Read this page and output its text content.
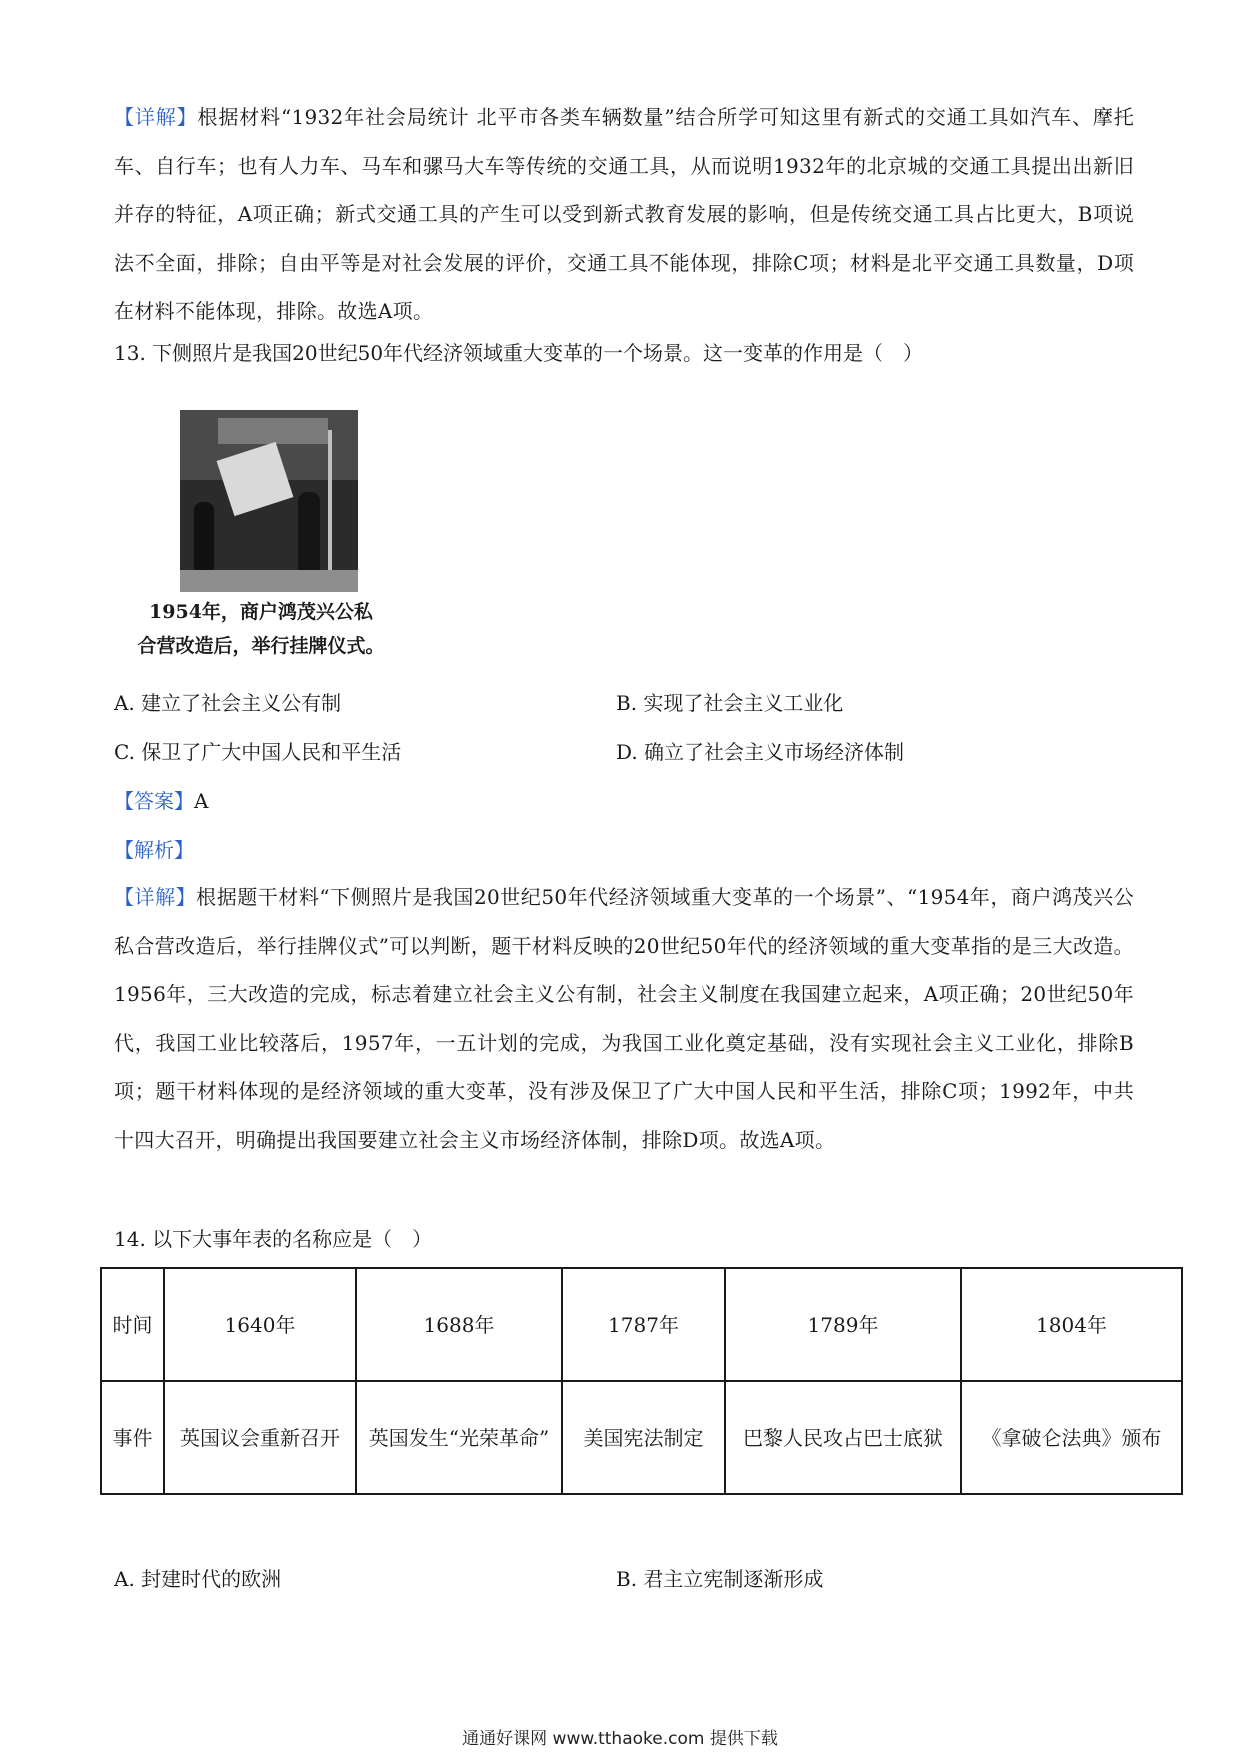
【详解】根据材料“1932年社会局统计 北平市各类车辆数量”结合所学可知这里有新式的交通工具如汽车、摩托车、自行车；也有人力车、马车和骡马大车等传统的交通工具，从而说明1932年的北京城的交通工具提出出新旧并存的特征，A项正确；新式交通工具的产生可以受到新式教育发展的影响，但是传统交通工具占比更大，B项说法不全面，排除；自由平等是对社会发展的评价，交通工具不能体现，排除C项；材料是北平交通工具数量，D项在材料不能体现，排除。故选A项。

13. 下侧照片是我国20世纪50年代经济领域重大变革的一个场景。这一变革的作用是（　）
1954年，商户鸿茂兴公私
合营改造后，举行挂牌仪式。
A. 建立了社会主义公有制	B. 实现了社会主义工业化
C. 保卫了广大中国人民和平生活	D. 确立了社会主义市场经济体制
【答案】A
【解析】

【详解】根据题干材料“下侧照片是我国20世纪50年代经济领域重大变革的一个场景”、“1954年，商户鸿茂兴公私合营改造后，举行挂牌仪式”可以判断，题干材料反映的20世纪50年代的经济领域的重大变革指的是三大改造。1956年，三大改造的完成，标志着建立社会主义公有制，社会主义制度在我国建立起来，A项正确；20世纪50年代，我国工业比较落后，1957年，一五计划的完成，为我国工业化奠定基础，没有实现社会主义工业化，排除B项；题干材料体现的是经济领域的重大变革，没有涉及保卫了广大中国人民和平生活，排除C项；1992年，中共十四大召开，明确提出我国要建立社会主义市场经济体制，排除D项。故选A项。

14. 以下大事年表的名称应是（　）
时间	1640年	1688年	1787年	1789年	1804年
事件	英国议会重新召开	英国发生“光荣革命”	美国宪法制定	巴黎人民攻占巴士底狱	《拿破仑法典》颁布
A. 封建时代的欧洲	B. 君主立宪制逐渐形成
通通好课网 www.tthaoke.com 提供下载
